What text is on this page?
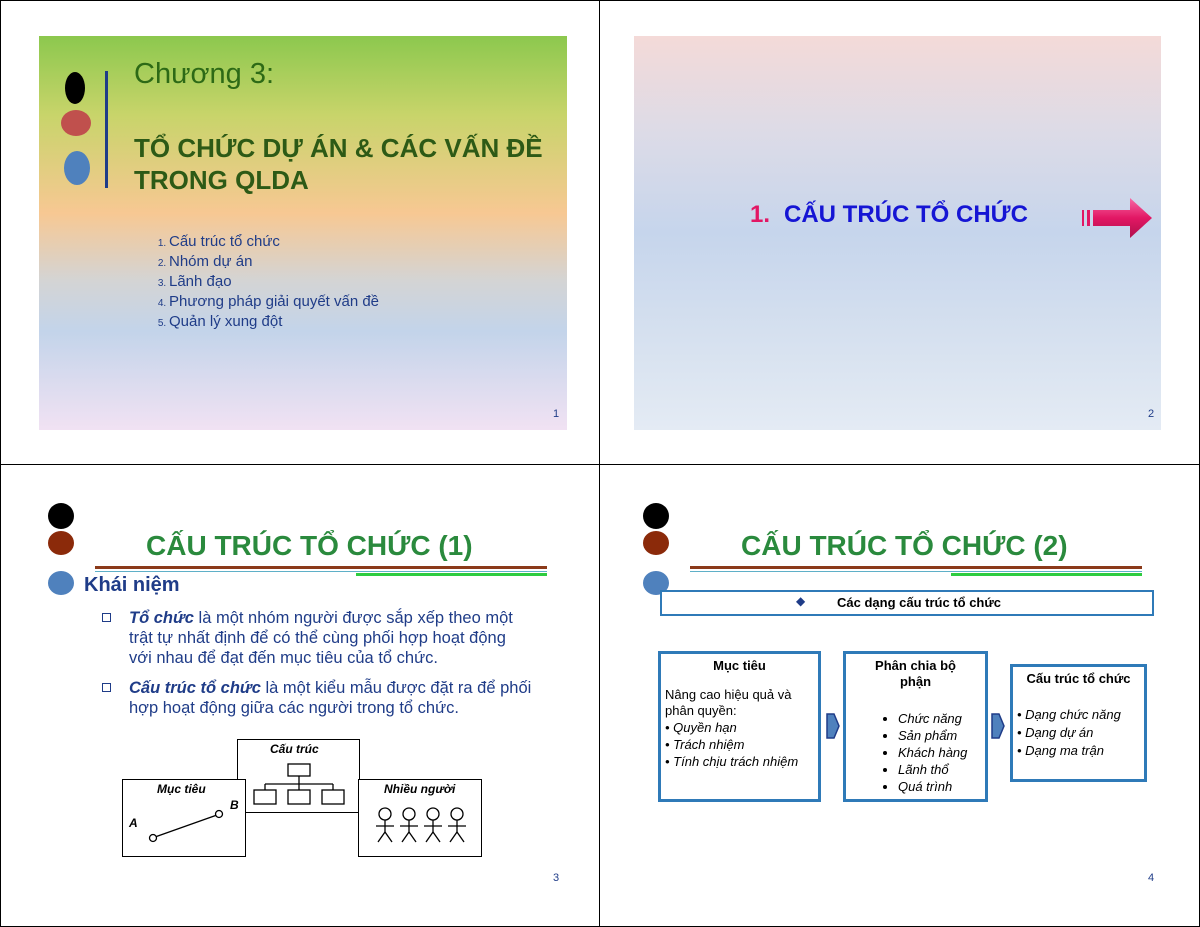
Chương 3:
TỔ CHỨC DỰ ÁN & CÁC VẤN ĐỀ TRONG QLDA
1. Cấu trúc tổ chức
2. Nhóm dự án
3. Lãnh đạo
4. Phương pháp giải quyết vấn đề
5. Quản lý xung đột
1
1. CẤU TRÚC TỔ CHỨC
2
CẤU TRÚC TỔ CHỨC (1)
Khái niệm
Tổ chức là một nhóm người được sắp xếp theo một trật tự nhất định để có thể cùng phối hợp hoạt động với nhau để đạt đến mục tiêu của tổ chức.
Cấu trúc tổ chức là một kiểu mẫu được đặt ra để phối hợp hoạt động giữa các người trong tổ chức.
Cấu trúc
Mục tiêu
B
A
Nhiều người
3
CẤU TRÚC TỔ CHỨC (2)
◆ Các dạng cấu trúc tổ chức
Mục tiêu
Nâng cao hiệu quả và phân quyền:
• Quyền hạn
• Trách nhiệm
• Tính chịu trách nhiệm
Phân chia bộ phận
• Chức năng
• Sản phẩm
• Khách hàng
• Lãnh thổ
• Quá trình
Cấu trúc tổ chức
• Dạng chức năng
• Dạng dự án
• Dạng ma trận
4
